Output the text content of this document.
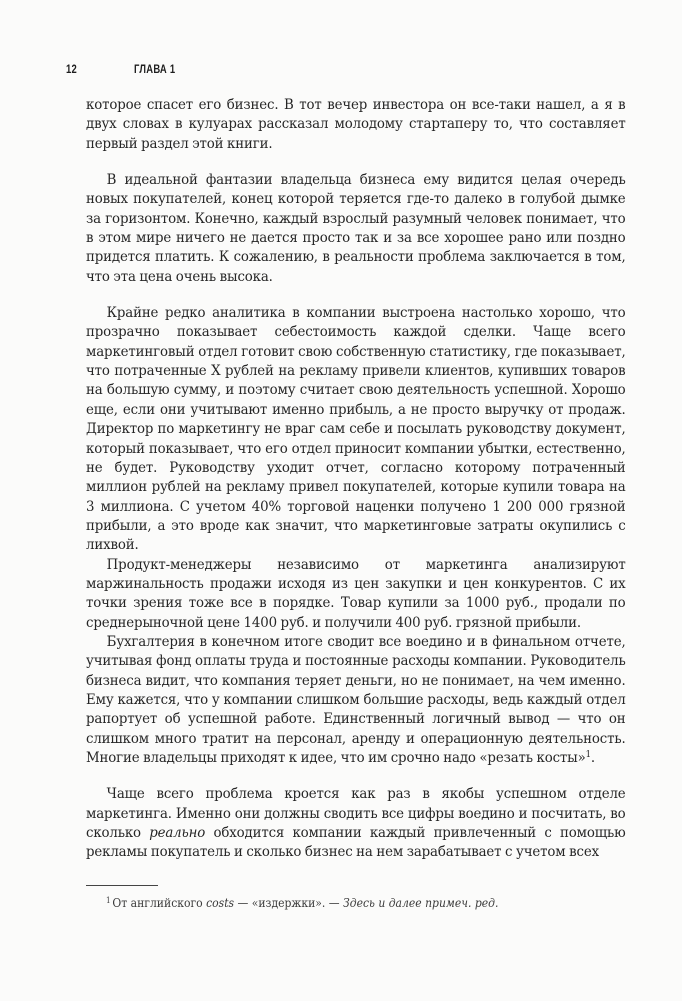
12	ГЛАВА 1

которое спасет его бизнес. В тот вечер инвестора он все-таки нашел, а я в двух словах в кулуарах рассказал молодому стартаперу то, что составляет первый раздел этой книги.

В идеальной фантазии владельца бизнеса ему видится целая очередь новых покупателей, конец которой теряется где-то далеко в голубой дымке за горизонтом. Конечно, каждый взрослый разумный человек понимает, что в этом мире ничего не дается просто так и за все хорошее рано или поздно придется платить. К сожалению, в реальности проблема заключается в том, что эта цена очень высока.

Крайне редко аналитика в компании выстроена настолько хорошо, что прозрачно показывает себестоимость каждой сделки. Чаще всего маркетинговый отдел готовит свою собственную статистику, где показывает, что потраченные Х рублей на рекламу привели клиентов, купивших товаров на большую сумму, и поэтому считает свою деятельность успешной. Хорошо еще, если они учитывают именно прибыль, а не просто выручку от продаж. Директор по маркетингу не враг сам себе и посылать руководству документ, который показывает, что его отдел приносит компании убытки, естественно, не будет. Руководству уходит отчет, согласно которому потраченный миллион рублей на рекламу привел покупателей, которые купили товара на 3 миллиона. С учетом 40% торговой наценки получено 1 200 000 грязной прибыли, а это вроде как значит, что маркетинговые затраты окупились с лихвой.

Продукт-менеджеры независимо от маркетинга анализируют маржинальность продажи исходя из цен закупки и цен конкурентов. С их точки зрения тоже все в порядке. Товар купили за 1000 руб., продали по среднерыночной цене 1400 руб. и получили 400 руб. грязной прибыли.

Бухгалтерия в конечном итоге сводит все воедино и в финальном отчете, учитывая фонд оплаты труда и постоянные расходы компании. Руководитель бизнеса видит, что компания теряет деньги, но не понимает, на чем именно. Ему кажется, что у компании слишком большие расходы, ведь каждый отдел рапортует об успешной работе. Единственный логичный вывод — что он слишком много тратит на персонал, аренду и операционную деятельность. Многие владельцы приходят к идее, что им срочно надо «резать косты»$^1$.

Чаще всего проблема кроется как раз в якобы успешном отделе маркетинга. Именно они должны сводить все цифры воедино и посчитать, во сколько реально обходится компании каждый привлеченный с помощью рекламы покупатель и сколько бизнес на нем зарабатывает с учетом всех

$^1$ От английского costs — «издержки». — Здесь и далее примеч. ред.
